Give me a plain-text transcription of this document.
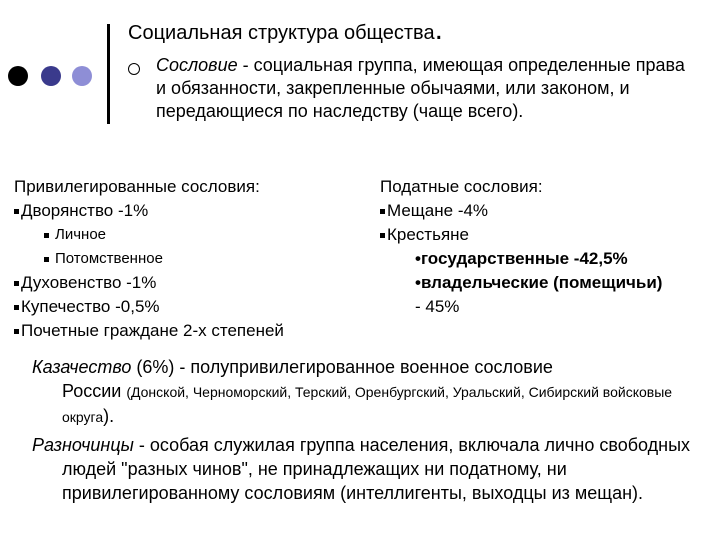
Социальная структура общества.
Сословие - социальная группа, имеющая определенные права и обязанности, закрепленные обычаями, или законом, и передающиеся по наследству (чаще всего).
Привилегированные сословия:
Дворянство -1%
Личное
Потомственное
Духовенство -1%
Купечество -0,5%
Почетные граждане 2-х степеней
Податные сословия:
Мещане -4%
Крестьяне
•государственные -42,5%
•владельческие (помещичьи)
- 45%
Казачество (6%) - полупривилегированное военное сословие
России (Донской, Черноморский, Терский, Оренбургский, Уральский, Сибирский войсковые округа).
Разночинцы - особая служилая группа населения, включала лично свободных людей "разных чинов", не принадлежащих ни податному, ни привилегированному сословиям (интеллигенты, выходцы из мещан).
